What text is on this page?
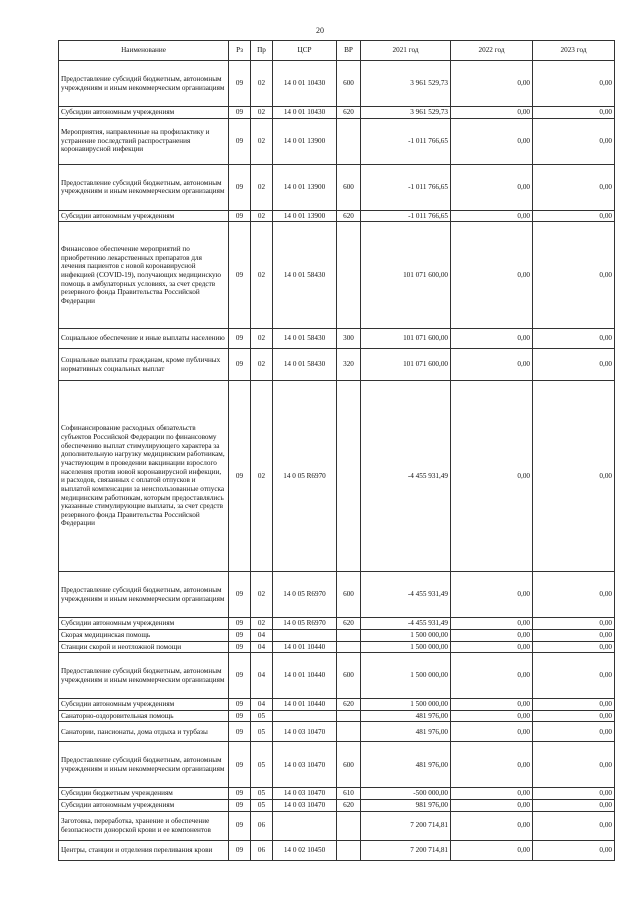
20
Наименование	Рз	Пр	ЦСР	ВР	2021 год	2022 год	2023 год
Предоставление субсидий бюджетным, автономным учреждениям и иным некоммерческим организациям	09	02	14 0 01 10430	600	3 961 529,73	0,00	0,00
Субсидии автономным учреждениям	09	02	14 0 01 10430	620	3 961 529,73	0,00	0,00
Мероприятия, направленные на профилактику и устранение последствий распространения коронавирусной инфекции	09	02	14 0 01 13900		-1 011 766,65	0,00	0,00
Предоставление субсидий бюджетным, автономным учреждениям и иным некоммерческим организациям	09	02	14 0 01 13900	600	-1 011 766,65	0,00	0,00
Субсидии автономным учреждениям	09	02	14 0 01 13900	620	-1 011 766,65	0,00	0,00
Финансовое обеспечение мероприятий по приобретению лекарственных препаратов для лечения пациентов с новой коронавирусной инфекцией (COVID-19), получающих медицинскую помощь в амбулаторных условиях, за счет средств резервного фонда Правительства Российской Федерации	09	02	14 0 01 58430		101 071 600,00	0,00	0,00
Социальное обеспечение и иные выплаты населению	09	02	14 0 01 58430	300	101 071 600,00	0,00	0,00
Социальные выплаты гражданам, кроме публичных нормативных социальных выплат	09	02	14 0 01 58430	320	101 071 600,00	0,00	0,00
Софинансирование расходных обязательств субъектов Российской Федерации по финансовому обеспечению выплат стимулирующего характера за дополнительную нагрузку медицинским работникам, участвующим в проведении вакцинации взрослого населения против новой коронавирусной инфекции, и расходов, связанных с оплатой отпусков и выплатой компенсации за неиспользованные отпуска медицинским работникам, которым предоставлялись указанные стимулирующие выплаты, за счет средств резервного фонда Правительства Российской Федерации	09	02	14 0 05 R6970		-4 455 931,49	0,00	0,00
Предоставление субсидий бюджетным, автономным учреждениям и иным некоммерческим организациям	09	02	14 0 05 R6970	600	-4 455 931,49	0,00	0,00
Субсидии автономным учреждениям	09	02	14 0 05 R6970	620	-4 455 931,49	0,00	0,00
Скорая медицинская помощь	09	04			1 500 000,00	0,00	0,00
Станции скорой и неотложной помощи	09	04	14 0 01 10440		1 500 000,00	0,00	0,00
Предоставление субсидий бюджетным, автономным учреждениям и иным некоммерческим организациям	09	04	14 0 01 10440	600	1 500 000,00	0,00	0,00
Субсидии автономным учреждениям	09	04	14 0 01 10440	620	1 500 000,00	0,00	0,00
Санаторно-оздоровительная помощь	09	05			481 976,00	0,00	0,00
Санатории, пансионаты, дома отдыха и турбазы	09	05	14 0 03 10470		481 976,00	0,00	0,00
Предоставление субсидий бюджетным, автономным учреждениям и иным некоммерческим организациям	09	05	14 0 03 10470	600	481 976,00	0,00	0,00
Субсидии бюджетным учреждениям	09	05	14 0 03 10470	610	-500 000,00	0,00	0,00
Субсидии автономным учреждениям	09	05	14 0 03 10470	620	981 976,00	0,00	0,00
Заготовка, переработка, хранение и обеспечение безопасности донорской крови и ее компонентов	09	06			7 200 714,81	0,00	0,00
Центры, станции и отделения переливания крови	09	06	14 0 02 10450		7 200 714,81	0,00	0,00
